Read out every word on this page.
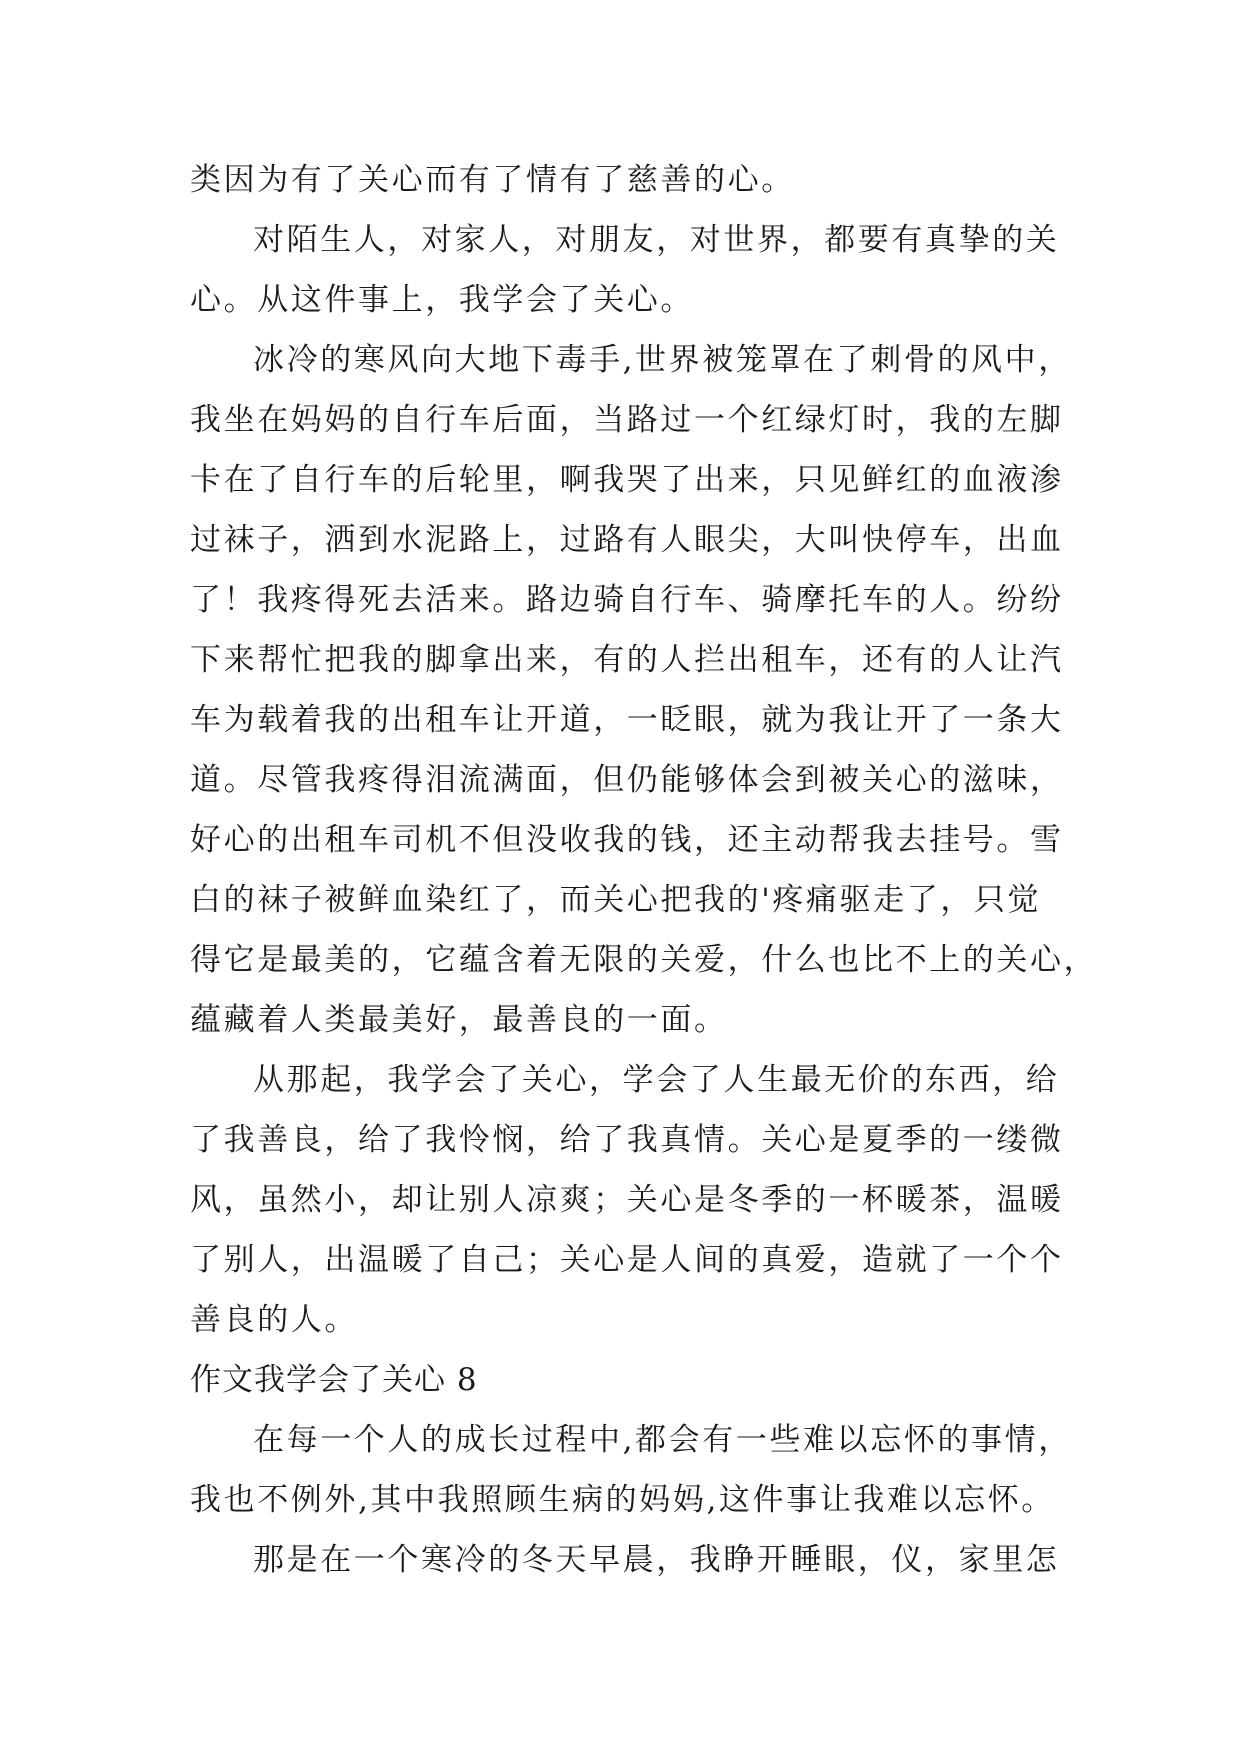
类因为有了关心而有了情有了慈善的心。
对陌生人，对家人，对朋友，对世界，都要有真挚的关
心。从这件事上，我学会了关心。
冰冷的寒风向大地下毒手,世界被笼罩在了刺骨的风中，
我坐在妈妈的自行车后面，当路过一个红绿灯时，我的左脚
卡在了自行车的后轮里，啊我哭了出来，只见鲜红的血液渗
过袜子，洒到水泥路上，过路有人眼尖，大叫快停车，出血
了！我疼得死去活来。路边骑自行车、骑摩托车的人。纷纷
下来帮忙把我的脚拿出来，有的人拦出租车，还有的人让汽
车为载着我的出租车让开道，一眨眼，就为我让开了一条大
道。尽管我疼得泪流满面，但仍能够体会到被关心的滋味，
好心的出租车司机不但没收我的钱，还主动帮我去挂号。雪
白的袜子被鲜血染红了，而关心把我的'疼痛驱走了，只觉
得它是最美的，它蕴含着无限的关爱，什么也比不上的关心，
蕴藏着人类最美好，最善良的一面。
从那起，我学会了关心，学会了人生最无价的东西，给
了我善良，给了我怜悯，给了我真情。关心是夏季的一缕微
风，虽然小，却让别人凉爽；关心是冬季的一杯暖茶，温暖
了别人，出温暖了自己；关心是人间的真爱，造就了一个个
善良的人。
作文我学会了关心 8
在每一个人的成长过程中,都会有一些难以忘怀的事情，
我也不例外,其中我照顾生病的妈妈,这件事让我难以忘怀。
那是在一个寒冷的冬天早晨，我睁开睡眼，仪，家里怎
